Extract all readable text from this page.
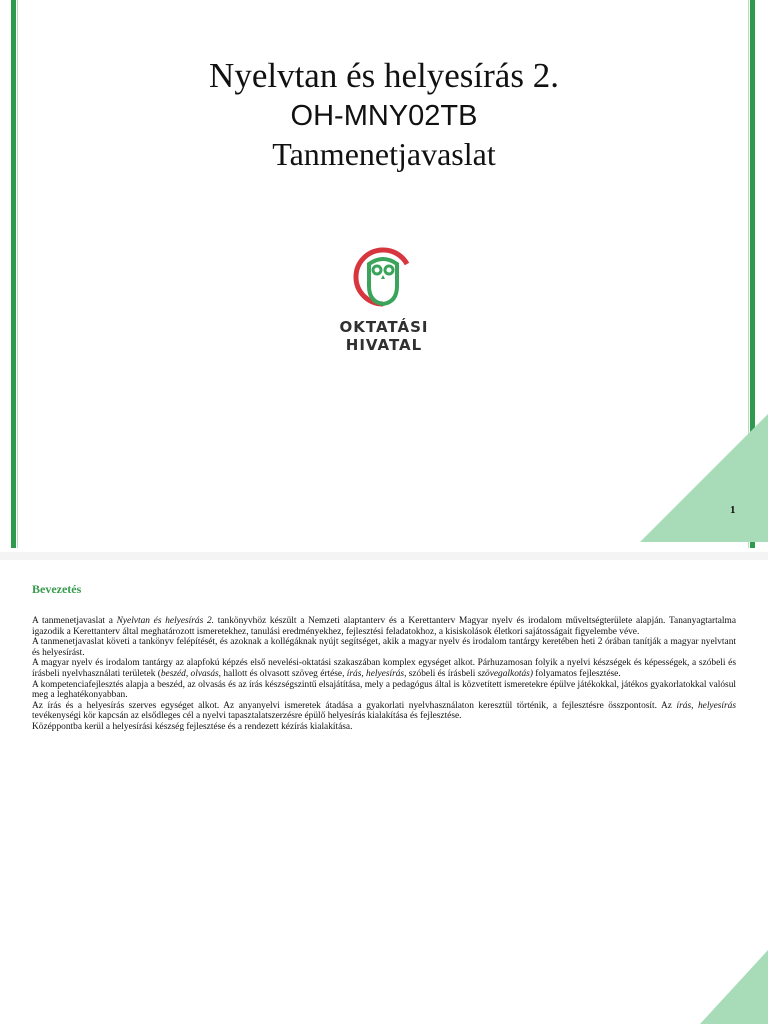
Nyelvtan és helyesírás 2.
OH-MNY02TB
Tanmenetjavaslat
OKTATÁSI
HIVATAL
1
Bevezetés

A tanmenetjavaslat a Nyelvtan és helyesírás 2. tankönyvhöz készült a Nemzeti alaptanterv és a Kerettanterv Magyar nyelv és irodalom műveltségterülete alapján. Tananyagtartalma igazodik a Kerettanterv által meghatározott ismeretekhez, tanulási eredményekhez, fejlesztési feladatokhoz, a kisiskolások életkori sajátosságait figyelembe véve.

A tanmenetjavaslat követi a tankönyv felépítését, és azoknak a kollégáknak nyújt segítséget, akik a magyar nyelv és irodalom tantárgy keretében heti 2 órában tanítják a magyar nyelvtant és helyesírást.

A magyar nyelv és irodalom tantárgy az alapfokú képzés első nevelési-oktatási szakaszában komplex egységet alkot. Párhuzamosan folyik a nyelvi készségek és képességek, a szóbeli és írásbeli nyelvhasználati területek (beszéd, olvasás, hallott és olvasott szöveg értése, írás, helyesírás, szóbeli és írásbeli szövegalkotás) folyamatos fejlesztése.

A kompetenciafejlesztés alapja a beszéd, az olvasás és az írás készségszintű elsajátítása, mely a pedagógus által is közvetített ismeretekre épülve játékokkal, játékos gyakorlatokkal valósul meg a leghatékonyabban.

Az írás és a helyesírás szerves egységet alkot. Az anyanyelvi ismeretek átadása a gyakorlati nyelvhasználaton keresztül történik, a fejlesztésre összpontosít. Az írás, helyesírás tevékenységi kör kapcsán az elsődleges cél a nyelvi tapasztalatszerzésre épülő helyesírás kialakítása és fejlesztése.

Középpontba kerül a helyesírási készség fejlesztése és a rendezett kézírás kialakítása.
